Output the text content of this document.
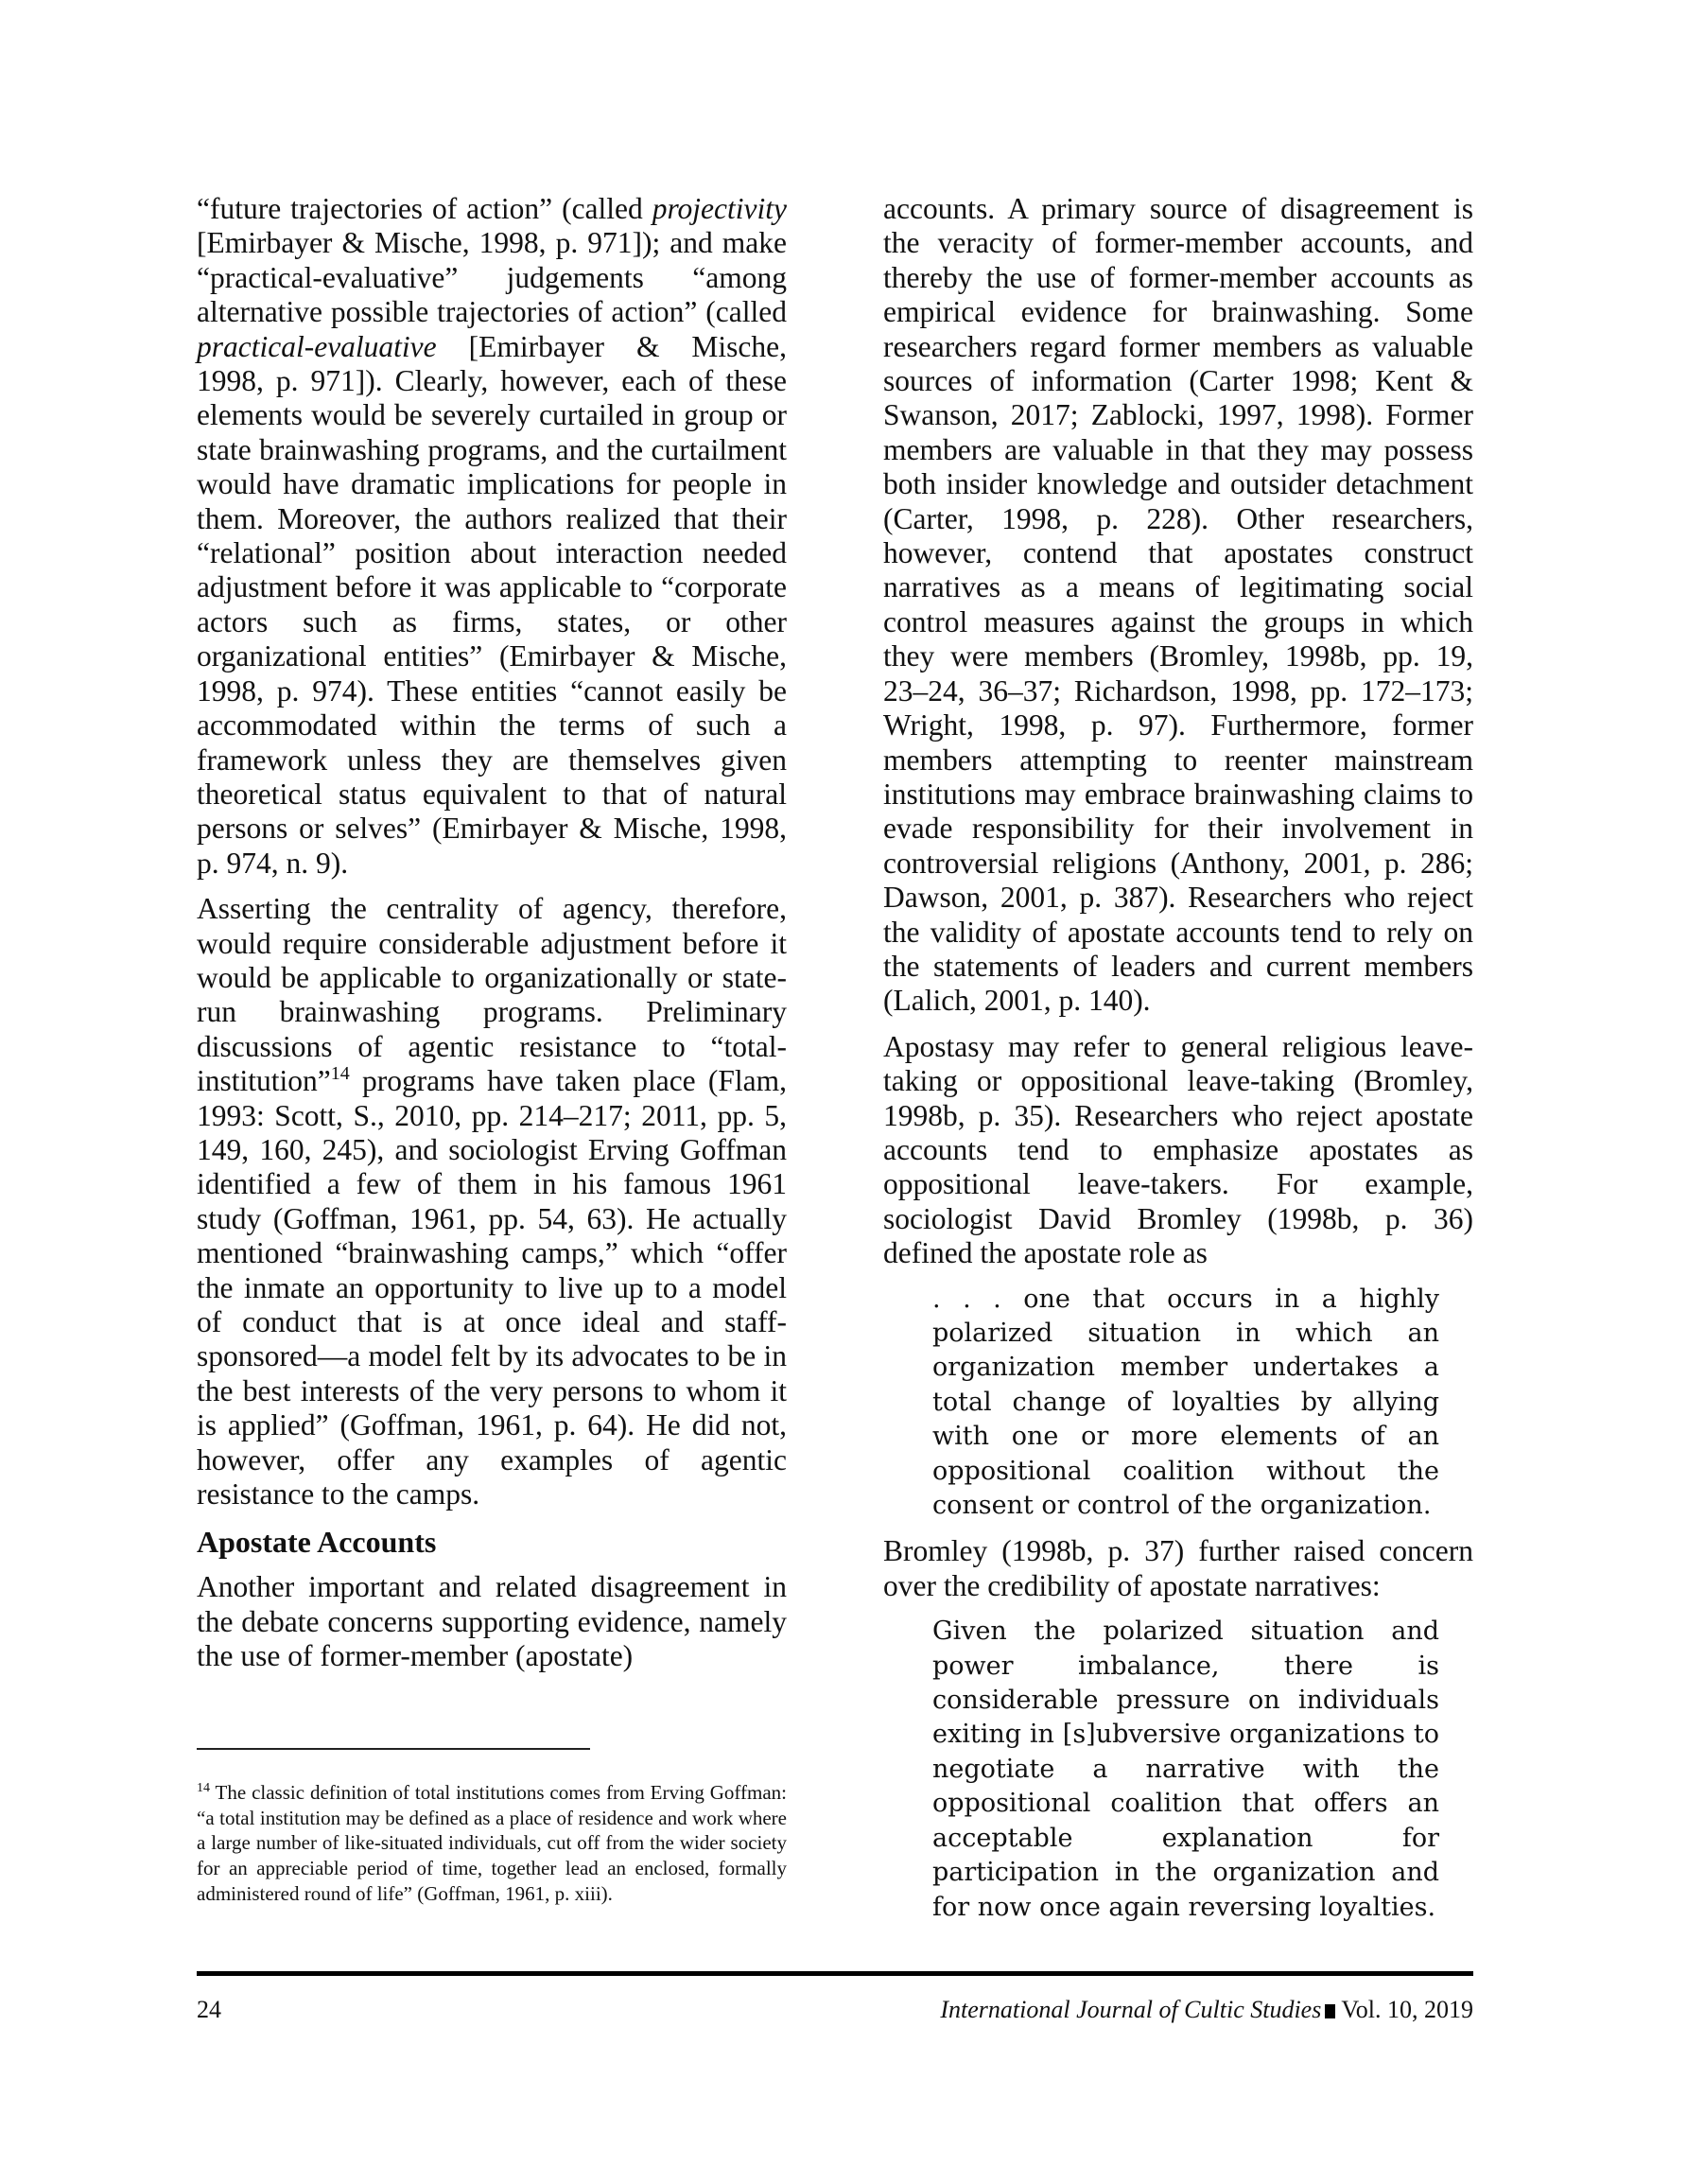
“future trajectories of action” (called projectivity [Emirbayer & Mische, 1998, p. 971]); and make “practical-evaluative” judgements “among alternative possible trajectories of action” (called practical-evaluative [Emirbayer & Mische, 1998, p. 971]). Clearly, however, each of these elements would be severely curtailed in group or state brainwashing programs, and the curtailment would have dramatic implications for people in them. Moreover, the authors realized that their “relational” position about interaction needed adjustment before it was applicable to “corporate actors such as firms, states, or other organizational entities” (Emirbayer & Mische, 1998, p. 974). These entities “cannot easily be accommodated within the terms of such a framework unless they are themselves given theoretical status equivalent to that of natural persons or selves” (Emirbayer & Mische, 1998, p. 974, n. 9).

Asserting the centrality of agency, therefore, would require considerable adjustment before it would be applicable to organizationally or state-run brainwashing programs. Preliminary discussions of agentic resistance to “total-institution”$^{14}$ programs have taken place (Flam, 1993: Scott, S., 2010, pp. 214–217; 2011, pp. 5, 149, 160, 245), and sociologist Erving Goffman identified a few of them in his famous 1961 study (Goffman, 1961, pp. 54, 63). He actually mentioned “brainwashing camps,” which “offer the inmate an opportunity to live up to a model of conduct that is at once ideal and staff-sponsored—a model felt by its advocates to be in the best interests of the very persons to whom it is applied” (Goffman, 1961, p. 64). He did not, however, offer any examples of agentic resistance to the camps.

Apostate Accounts

Another important and related disagreement in the debate concerns supporting evidence, namely the use of former-member (apostate)

$^{14}$ The classic definition of total institutions comes from Erving Goffman: “a total institution may be defined as a place of residence and work where a large number of like-situated individuals, cut off from the wider society for an appreciable period of time, together lead an enclosed, formally administered round of life” (Goffman, 1961, p. xiii).

accounts. A primary source of disagreement is the veracity of former-member accounts, and thereby the use of former-member accounts as empirical evidence for brainwashing. Some researchers regard former members as valuable sources of information (Carter 1998; Kent & Swanson, 2017; Zablocki, 1997, 1998). Former members are valuable in that they may possess both insider knowledge and outsider detachment (Carter, 1998, p. 228). Other researchers, however, contend that apostates construct narratives as a means of legitimating social control measures against the groups in which they were members (Bromley, 1998b, pp. 19, 23–24, 36–37; Richardson, 1998, pp. 172–173; Wright, 1998, p. 97). Furthermore, former members attempting to reenter mainstream institutions may embrace brainwashing claims to evade responsibility for their involvement in controversial religions (Anthony, 2001, p. 286; Dawson, 2001, p. 387). Researchers who reject the validity of apostate accounts tend to rely on the statements of leaders and current members (Lalich, 2001, p. 140).

Apostasy may refer to general religious leave-taking or oppositional leave-taking (Bromley, 1998b, p. 35). Researchers who reject apostate accounts tend to emphasize apostates as oppositional leave-takers. For example, sociologist David Bromley (1998b, p. 36) defined the apostate role as

. . . one that occurs in a highly polarized situation in which an organization member undertakes a total change of loyalties by allying with one or more elements of an oppositional coalition without the consent or control of the organization.

Bromley (1998b, p. 37) further raised concern over the credibility of apostate narratives:

Given the polarized situation and power imbalance, there is considerable pressure on individuals exiting in [s]ubversive organizations to negotiate a narrative with the oppositional coalition that offers an acceptable explanation for participation in the organization and for now once again reversing loyalties.
24	International Journal of Cultic Studies Vol. 10, 2019
